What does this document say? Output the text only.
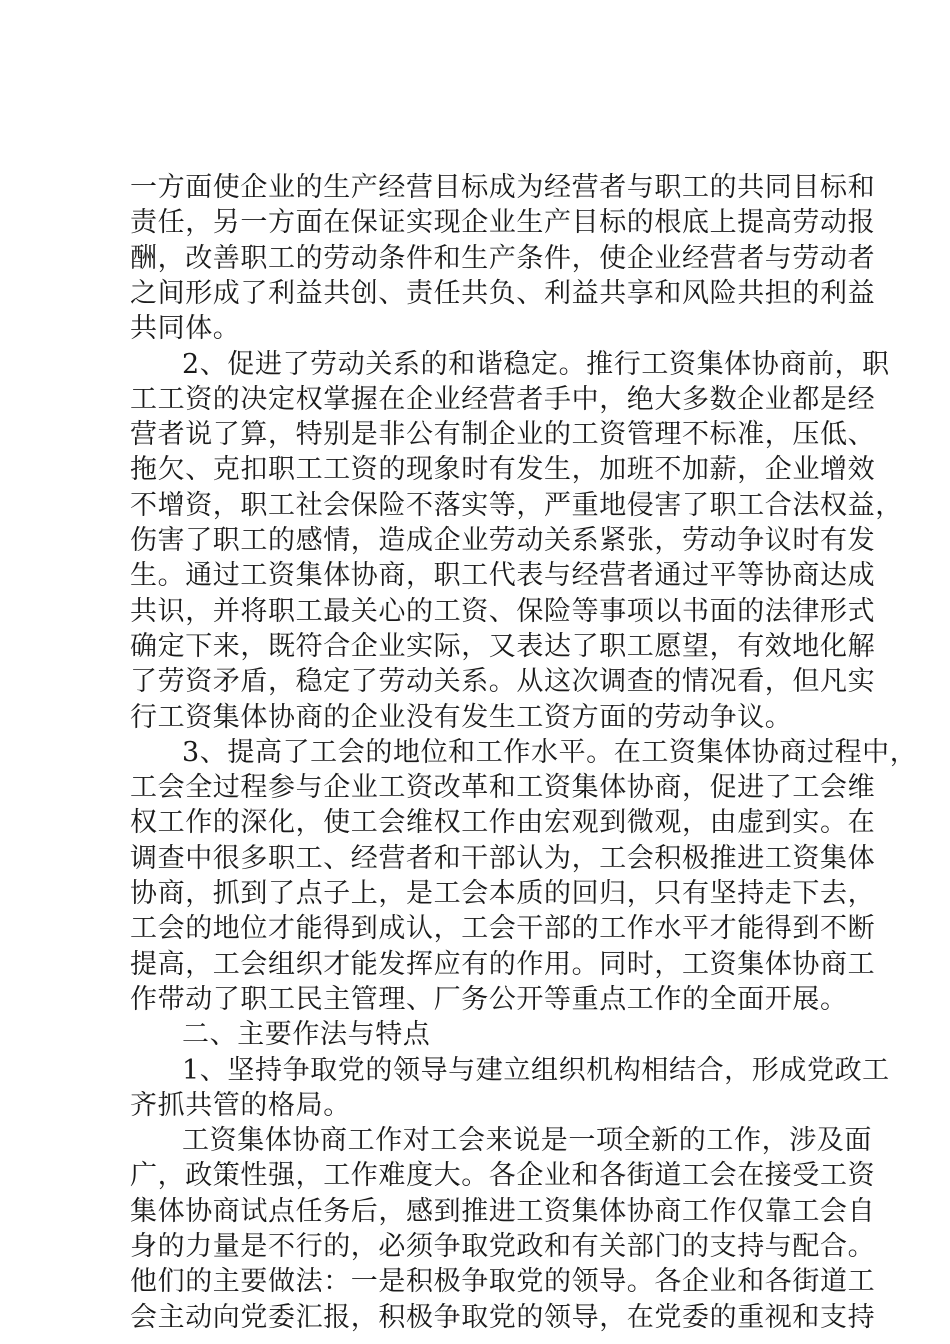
一方面使企业的生产经营目标成为经营者与职工的共同目标和
责任，另一方面在保证实现企业生产目标的根底上提高劳动报
酬，改善职工的劳动条件和生产条件，使企业经营者与劳动者
之间形成了利益共创、责任共负、利益共享和风险共担的利益
共同体。
2、促进了劳动关系的和谐稳定。推行工资集体协商前，职
工工资的决定权掌握在企业经营者手中，绝大多数企业都是经
营者说了算，特别是非公有制企业的工资管理不标准，压低、
拖欠、克扣职工工资的现象时有发生，加班不加薪，企业增效
不增资，职工社会保险不落实等，严重地侵害了职工合法权益，
伤害了职工的感情，造成企业劳动关系紧张，劳动争议时有发
生。通过工资集体协商，职工代表与经营者通过平等协商达成
共识，并将职工最关心的工资、保险等事项以书面的法律形式
确定下来，既符合企业实际，又表达了职工愿望，有效地化解
了劳资矛盾，稳定了劳动关系。从这次调查的情况看，但凡实
行工资集体协商的企业没有发生工资方面的劳动争议。
3、提高了工会的地位和工作水平。在工资集体协商过程中，
工会全过程参与企业工资改革和工资集体协商，促进了工会维
权工作的深化，使工会维权工作由宏观到微观，由虚到实。在
调查中很多职工、经营者和干部认为，工会积极推进工资集体
协商，抓到了点子上，是工会本质的回归，只有坚持走下去，
工会的地位才能得到成认，工会干部的工作水平才能得到不断
提高，工会组织才能发挥应有的作用。同时，工资集体协商工
作带动了职工民主管理、厂务公开等重点工作的全面开展。
二、主要作法与特点
1、坚持争取党的领导与建立组织机构相结合，形成党政工
齐抓共管的格局。
工资集体协商工作对工会来说是一项全新的工作，涉及面
广，政策性强，工作难度大。各企业和各街道工会在接受工资
集体协商试点任务后，感到推进工资集体协商工作仅靠工会自
身的力量是不行的，必须争取党政和有关部门的支持与配合。
他们的主要做法：一是积极争取党的领导。各企业和各街道工
会主动向党委汇报，积极争取党的领导，在党委的重视和支持
